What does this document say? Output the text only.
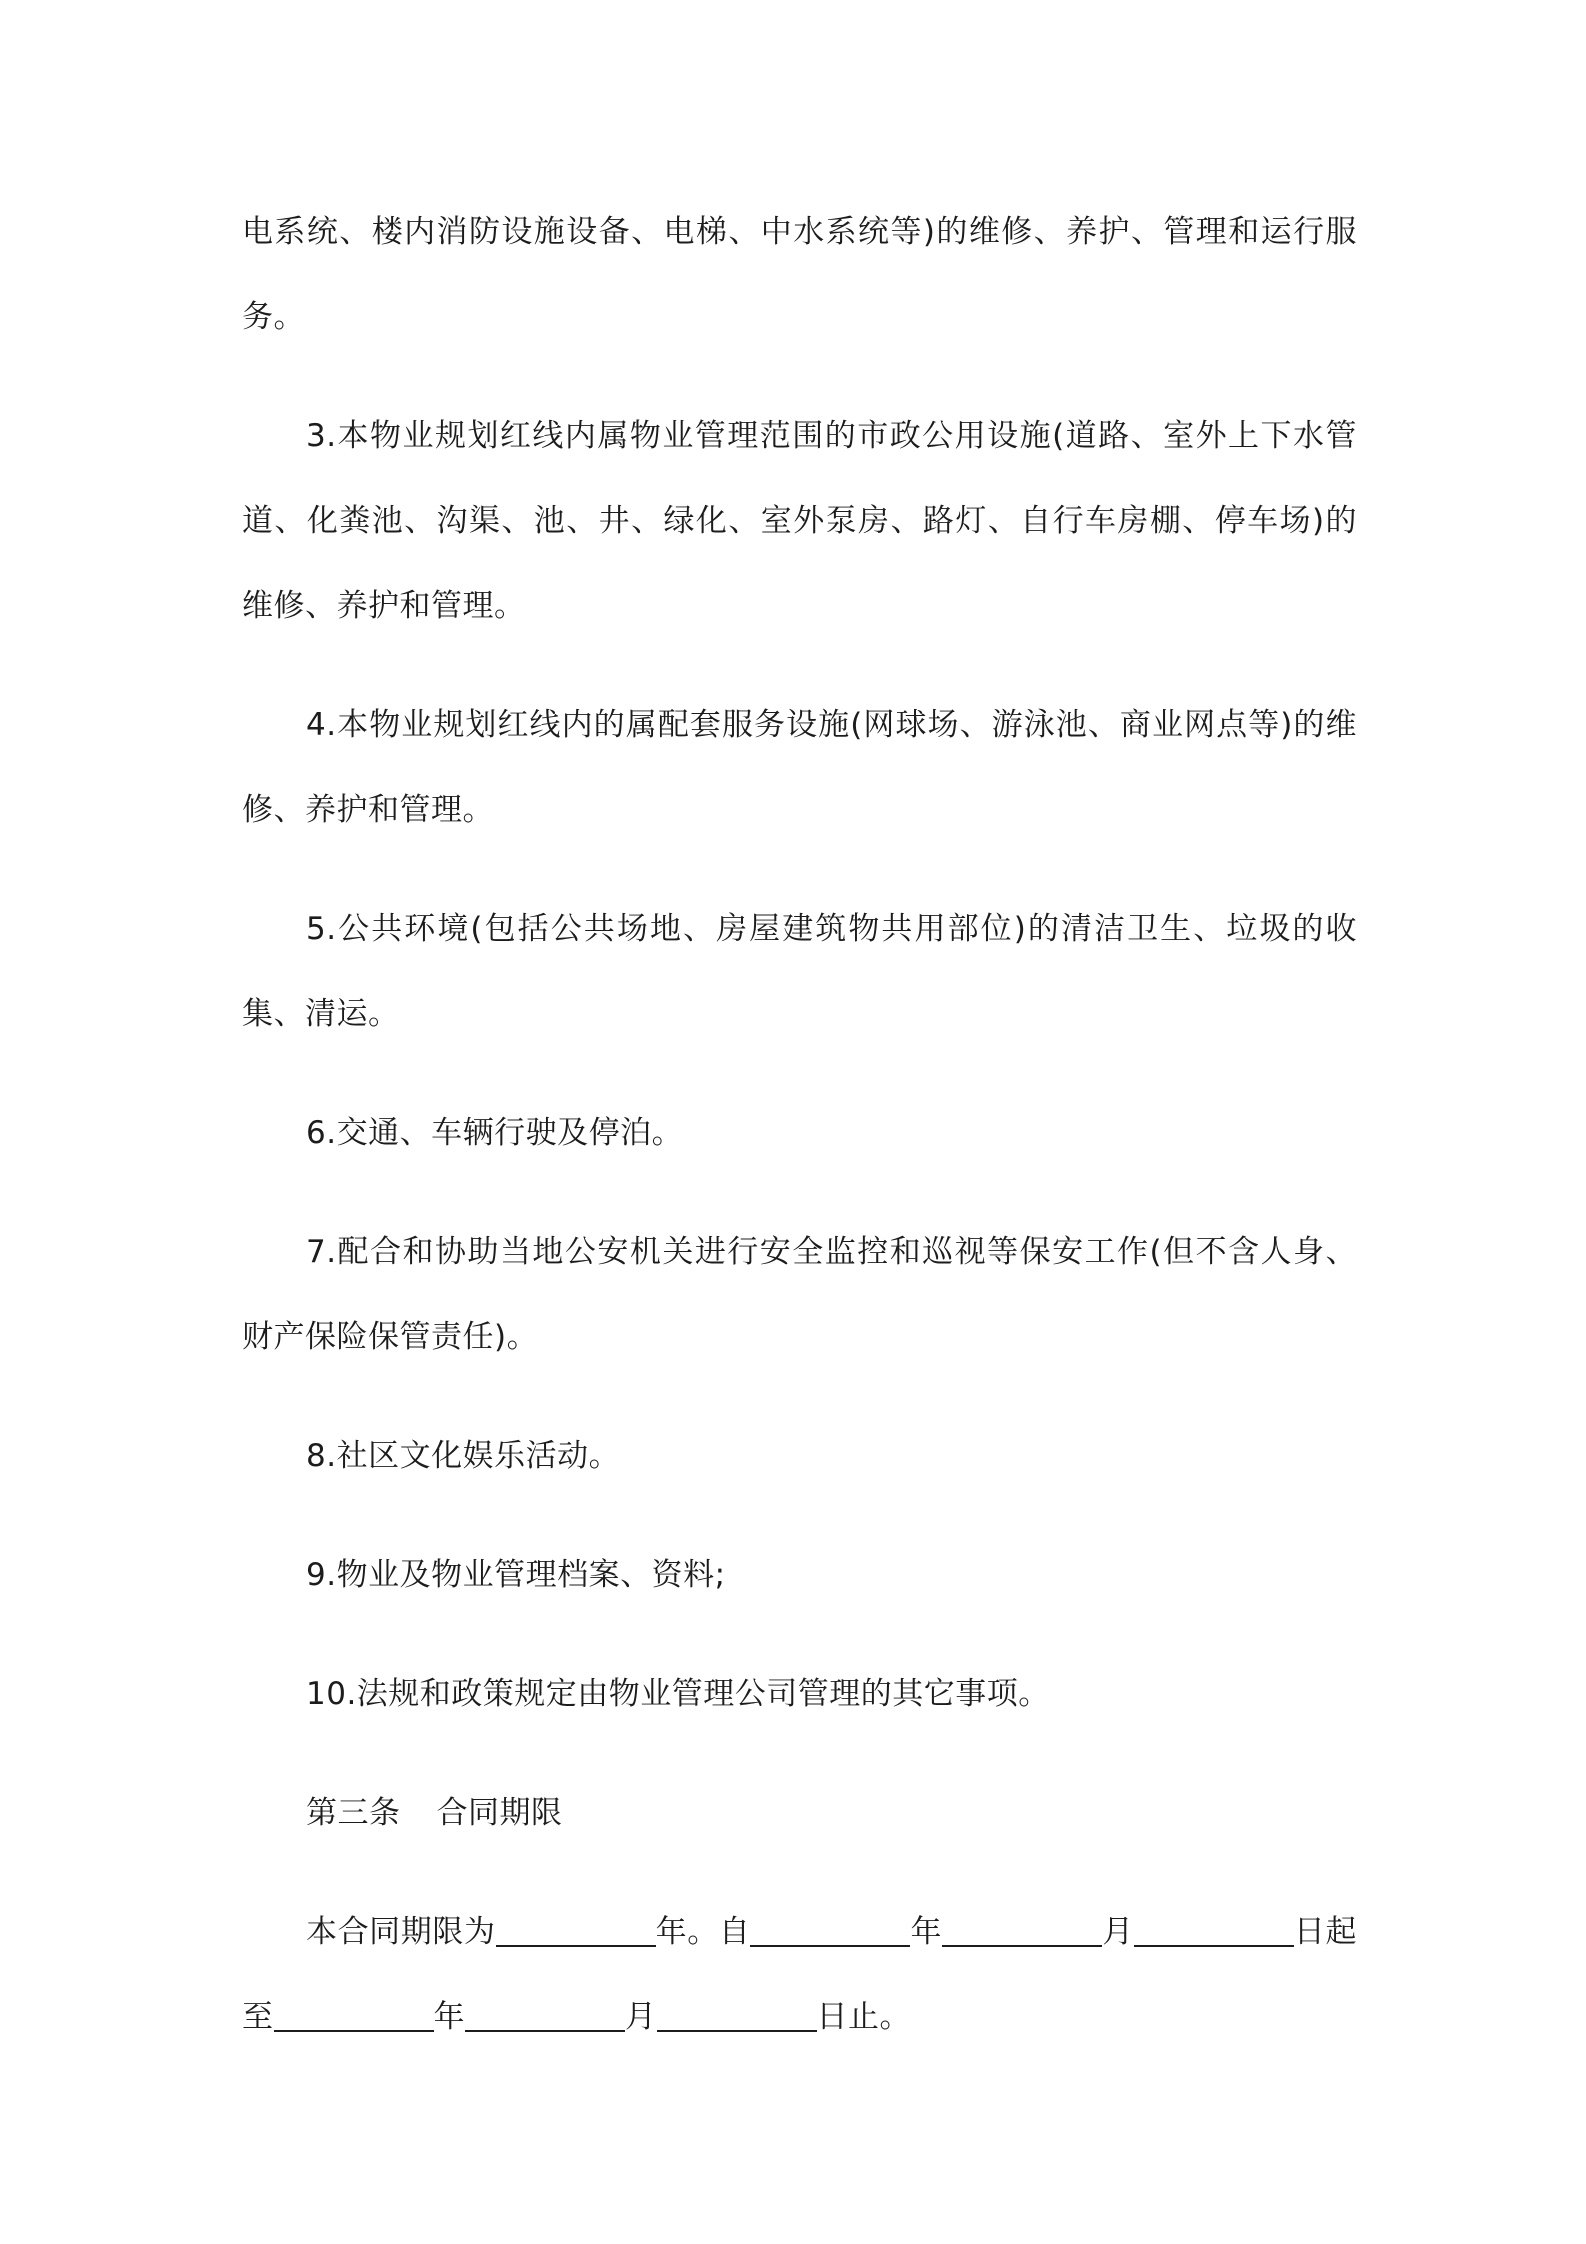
电系统、楼内消防设施设备、电梯、中水系统等)的维修、养护、管理和运行服务。

3.本物业规划红线内属物业管理范围的市政公用设施(道路、室外上下水管道、化粪池、沟渠、池、井、绿化、室外泵房、路灯、自行车房棚、停车场)的维修、养护和管理。

4.本物业规划红线内的属配套服务设施(网球场、游泳池、商业网点等)的维修、养护和管理。

5.公共环境(包括公共场地、房屋建筑物共用部位)的清洁卫生、垃圾的收集、清运。

6.交通、车辆行驶及停泊。

7.配合和协助当地公安机关进行安全监控和巡视等保安工作(但不含人身、财产保险保管责任)。

8.社区文化娱乐活动。

9.物业及物业管理档案、资料;

10.法规和政策规定由物业管理公司管理的其它事项。

第三条 合同期限

本合同期限为	年。自	年	月	日起至	年	月	日止。
